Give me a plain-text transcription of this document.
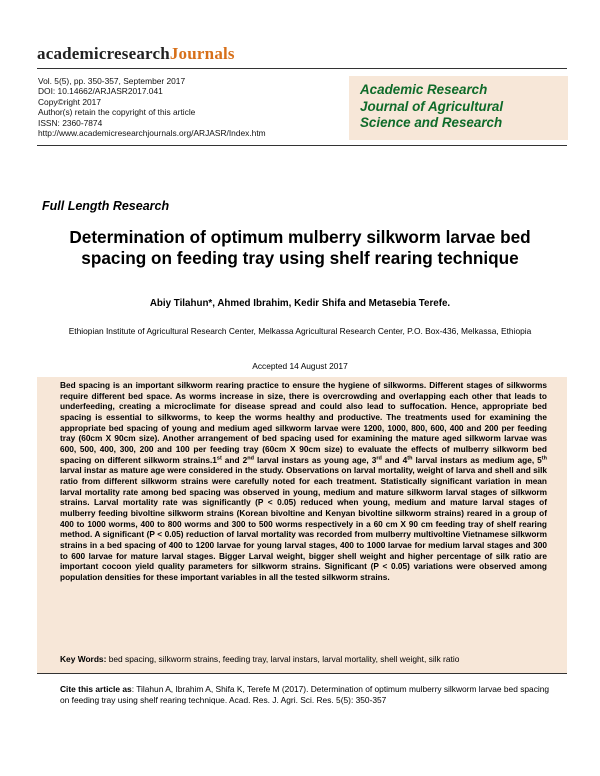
academicresearchJournals
Vol. 5(5), pp. 350-357, September 2017
DOI: 10.14662/ARJASR2017.041
Copy©right 2017
Author(s) retain the copyright of this article
ISSN: 2360-7874
http://www.academicresearchjournals.org/ARJASR/Index.htm
Academic Research
Journal of Agricultural
Science and Research
Full Length Research
Determination of optimum mulberry silkworm larvae bed spacing on feeding tray using shelf rearing technique
Abiy Tilahun*, Ahmed Ibrahim, Kedir Shifa and Metasebia Terefe.
Ethiopian Institute of Agricultural Research Center, Melkassa Agricultural Research Center, P.O. Box-436, Melkassa, Ethiopia
Accepted 14 August 2017
Bed spacing is an important silkworm rearing practice to ensure the hygiene of silkworms. Different stages of silkworms require different bed space. As worms increase in size, there is overcrowding and overlapping each other that leads to underfeeding, creating a microclimate for disease spread and could also lead to suffocation. Hence, appropriate bed spacing is essential to silkworms, to keep the worms healthy and productive. The treatments used for examining the appropriate bed spacing of young and medium aged silkworm larvae were 1200, 1000, 800, 600, 400 and 200 per feeding tray (60cm X 90cm size). Another arrangement of bed spacing used for examining the mature aged silkworm larvae was 600, 500, 400, 300, 200 and 100 per feeding tray (60cm X 90cm size) to evaluate the effects of mulberry silkworm bed spacing on different silkworm strains.1st and 2nd larval instars as young age, 3rd and 4th larval instars as medium age, 5th larval instar as mature age were considered in the study. Observations on larval mortality, weight of larva and shell and silk ratio from different silkworm strains were carefully noted for each treatment. Statistically significant variation in mean larval mortality rate among bed spacing was observed in young, medium and mature silkworm larval stages of silkworm strains. Larval mortality rate was significantly (P < 0.05) reduced when young, medium and mature larval stages of mulberry feeding bivoltine silkworm strains (Korean bivoltine and Kenyan bivoltine silkworm strains) reared in a group of 400 to 1000 worms, 400 to 800 worms and 300 to 500 worms respectively in a 60 cm X 90 cm feeding tray of shelf rearing method. A significant (P < 0.05) reduction of larval mortality was recorded from mulberry multivoltine Vietnamese silkworm strains in a bed spacing of 400 to 1200 larvae for young larval stages, 400 to 1000 larvae for medium larval stages and 300 to 600 larvae for mature larval stages. Bigger Larval weight, bigger shell weight and higher percentage of silk ratio are important cocoon yield quality parameters for silkworm strains. Significant (P < 0.05) variations were observed among population densities for these important variables in all the tested silkworm strains.
Key Words: bed spacing, silkworm strains, feeding tray, larval instars, larval mortality, shell weight, silk ratio
Cite this article as: Tilahun A, Ibrahim A, Shifa K, Terefe M (2017). Determination of optimum mulberry silkworm larvae bed spacing on feeding tray using shelf rearing technique. Acad. Res. J. Agri. Sci. Res. 5(5): 350-357
